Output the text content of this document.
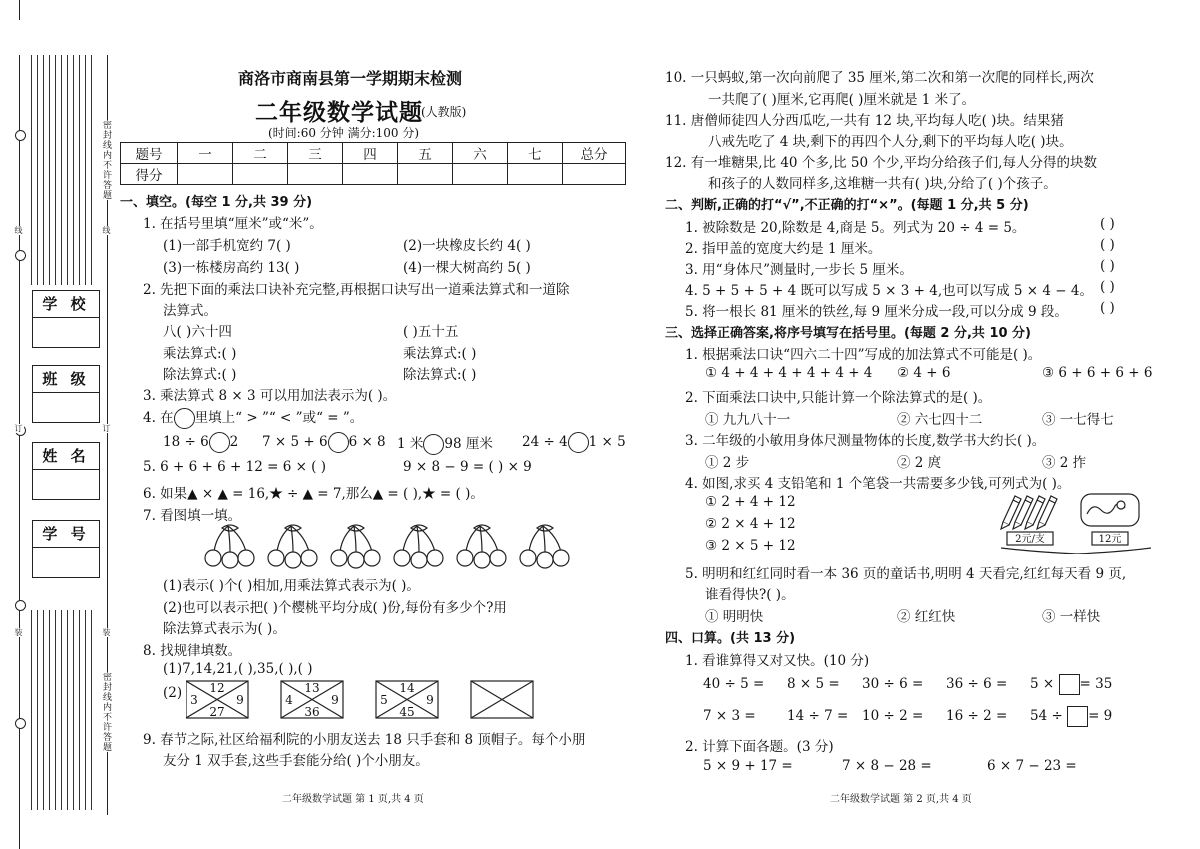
密封线内不许答题
密封线内不许答题
线
订
装
线
订
装
学 校
班 级
姓 名
学 号
商洛市商南县第一学期期末检测
二年级数学试题
(人教版)
(时间:60 分钟 满分:100 分)
题号	一	二	三	四	五	六	七	总分
得分								
一、填空。(每空 1 分,共 39 分)
1. 在括号里填“厘米”或“米”。
(1)一部手机宽约 7( )	(2)一块橡皮长约 4( )
(3)一栋楼房高约 13( )	(4)一棵大树高约 5( )
2. 先把下面的乘法口诀补充完整,再根据口诀写出一道乘法算式和一道除
法算式。
八( )六十四	( )五十五
乘法算式:( )	乘法算式:( )
除法算式:( )	除法算式:( )
3. 乘法算式 8 × 3 可以用加法表示为( )。
4. 在 里填上“ > ”“ < ”或“ = ”。
18 ÷ 6 2 7 × 5 + 6 6 × 8 1 米 98 厘米 24 ÷ 4 1 × 5
5. 6 + 6 + 6 + 12 = 6 × ( )	9 × 8 − 9 = ( ) × 9
6. 如果▲ × ▲ = 16,★ ÷ ▲ = 7,那么▲ = ( ),★ = ( )。
7. 看图填一填。
(1)表示( )个( )相加,用乘法算式表示为( )。
(2)也可以表示把( )个樱桃平均分成( )份,每份有多少个?用
除法算式表示为( )。
8. 找规律填数。
(1)7,14,21,( ),35,( ),( )
(2) 12
3	9
27
13
4	9
36
14
5	9
45
9. 春节之际,社区给福利院的小朋友送去 18 只手套和 8 顶帽子。每个小朋
友分 1 双手套,这些手套能分给( )个小朋友。
二年级数学试题 第 1 页,共 4 页
10. 一只蚂蚁,第一次向前爬了 35 厘米,第二次和第一次爬的同样长,两次
一共爬了( )厘米,它再爬( )厘米就是 1 米了。
11. 唐僧师徒四人分西瓜吃,一共有 12 块,平均每人吃( )块。结果猪
八戒先吃了 4 块,剩下的再四个人分,剩下的平均每人吃( )块。
12. 有一堆糖果,比 40 个多,比 50 个少,平均分给孩子们,每人分得的块数
和孩子的人数同样多,这堆糖一共有( )块,分给了( )个孩子。
二、判断,正确的打“√”,不正确的打“×”。(每题 1 分,共 5 分)
1. 被除数是 20,除数是 4,商是 5。列式为 20 ÷ 4 = 5。	( )
2. 指甲盖的宽度大约是 1 厘米。	( )
3. 用“身体尺”测量时,一步长 5 厘米。	( )
4. 5 + 5 + 5 + 4 既可以写成 5 × 3 + 4,也可以写成 5 × 4 − 4。 ( )
5. 将一根长 81 厘米的铁丝,每 9 厘米分成一段,可以分成 9 段。 ( )
三、选择正确答案,将序号填写在括号里。(每题 2 分,共 10 分)
1. 根据乘法口诀“四六二十四”写成的加法算式不可能是( )。
① 4 + 4 + 4 + 4 + 4 + 4 ② 4 + 6	③ 6 + 6 + 6 + 6
2. 下面乘法口诀中,只能计算一个除法算式的是( )。
① 九九八十一	② 六七四十二	③ 一七得七
3. 二年级的小敏用身体尺测量物体的长度,数学书大约长( )。
① 2 步	② 2 庹	③ 2 拃
4. 如图,求买 4 支铅笔和 1 个笔袋一共需要多少钱,可列式为( )。
① 2 + 4 + 12
② 2 × 4 + 12
③ 2 × 5 + 12	2元/支	12元
5. 明明和红红同时看一本 36 页的童话书,明明 4 天看完,红红每天看 9 页,
谁看得快?( )。
① 明明快	② 红红快	③ 一样快
四、口算。(共 13 分)
1. 看谁算得又对又快。(10 分)
40 ÷ 5 = 8 × 5 = 30 ÷ 6 = 36 ÷ 6 = 5 × = 35
7 × 3 = 14 ÷ 7 = 10 ÷ 2 = 16 ÷ 2 = 54 ÷ = 9
2. 计算下面各题。(3 分)
5 × 9 + 17 =	7 × 8 − 28 =	6 × 7 − 23 =
二年级数学试题 第 2 页,共 4 页
